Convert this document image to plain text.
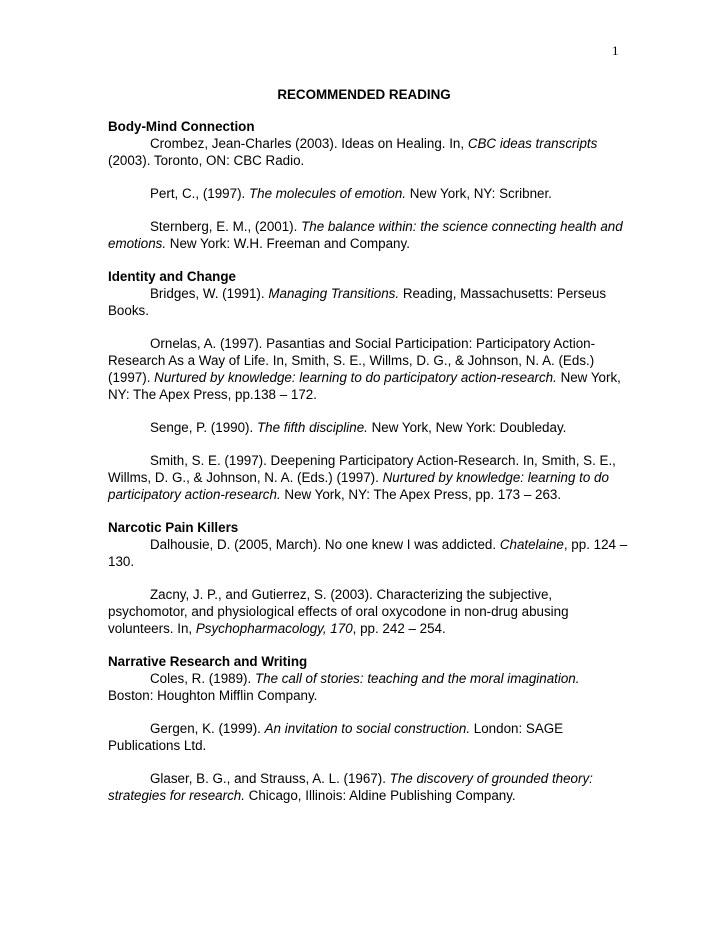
1
RECOMMENDED READING
Body-Mind Connection

Crombez, Jean-Charles (2003). Ideas on Healing. In, CBC ideas transcripts (2003). Toronto, ON: CBC Radio.

Pert, C., (1997). The molecules of emotion. New York, NY: Scribner.

Sternberg, E. M., (2001). The balance within: the science connecting health and emotions. New York: W.H. Freeman and Company.

Identity and Change

Bridges, W. (1991). Managing Transitions. Reading, Massachusetts: Perseus Books.

Ornelas, A. (1997). Pasantias and Social Participation: Participatory Action-Research As a Way of Life. In, Smith, S. E., Willms, D. G., & Johnson, N. A. (Eds.) (1997). Nurtured by knowledge: learning to do participatory action-research. New York, NY: The Apex Press, pp.138 – 172.

Senge, P. (1990). The fifth discipline. New York, New York: Doubleday.

Smith, S. E. (1997). Deepening Participatory Action-Research. In, Smith, S. E., Willms, D. G., & Johnson, N. A. (Eds.) (1997). Nurtured by knowledge: learning to do participatory action-research. New York, NY: The Apex Press, pp. 173 – 263.

Narcotic Pain Killers

Dalhousie, D. (2005, March). No one knew I was addicted. Chatelaine, pp. 124 – 130.

Zacny, J. P., and Gutierrez, S. (2003). Characterizing the subjective, psychomotor, and physiological effects of oral oxycodone in non-drug abusing volunteers. In, Psychopharmacology, 170, pp. 242 – 254.

Narrative Research and Writing

Coles, R. (1989). The call of stories: teaching and the moral imagination. Boston: Houghton Mifflin Company.

Gergen, K. (1999). An invitation to social construction. London: SAGE Publications Ltd.

Glaser, B. G., and Strauss, A. L. (1967). The discovery of grounded theory: strategies for research. Chicago, Illinois: Aldine Publishing Company.
